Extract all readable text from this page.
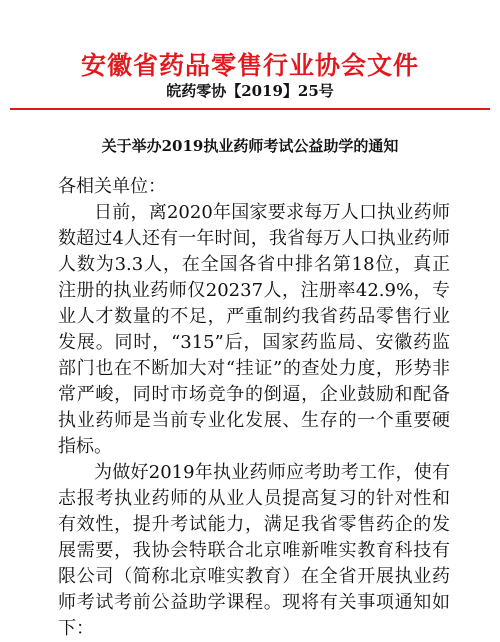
安徽省药品零售行业协会文件
皖药零协【2019】25号
关于举办2019执业药师考试公益助学的通知
各相关单位：

日前，离2020年国家要求每万人口执业药师数超过4人还有一年时间，我省每万人口执业药师人数为3.3人，在全国各省中排名第18位，真正注册的执业药师仅20237人，注册率42.9%，专业人才数量的不足，严重制约我省药品零售行业发展。同时，“315”后，国家药监局、安徽药监部门也在不断加大对“挂证”的查处力度，形势非常严峻，同时市场竞争的倒逼，企业鼓励和配备执业药师是当前专业化发展、生存的一个重要硬指标。

为做好2019年执业药师应考助考工作，使有志报考执业药师的从业人员提高复习的针对性和有效性，提升考试能力，满足我省零售药企的发展需要，我协会特联合北京唯新唯实教育科技有限公司（简称北京唯实教育）在全省开展执业药师考试考前公益助学课程。现将有关事项通知如下：
